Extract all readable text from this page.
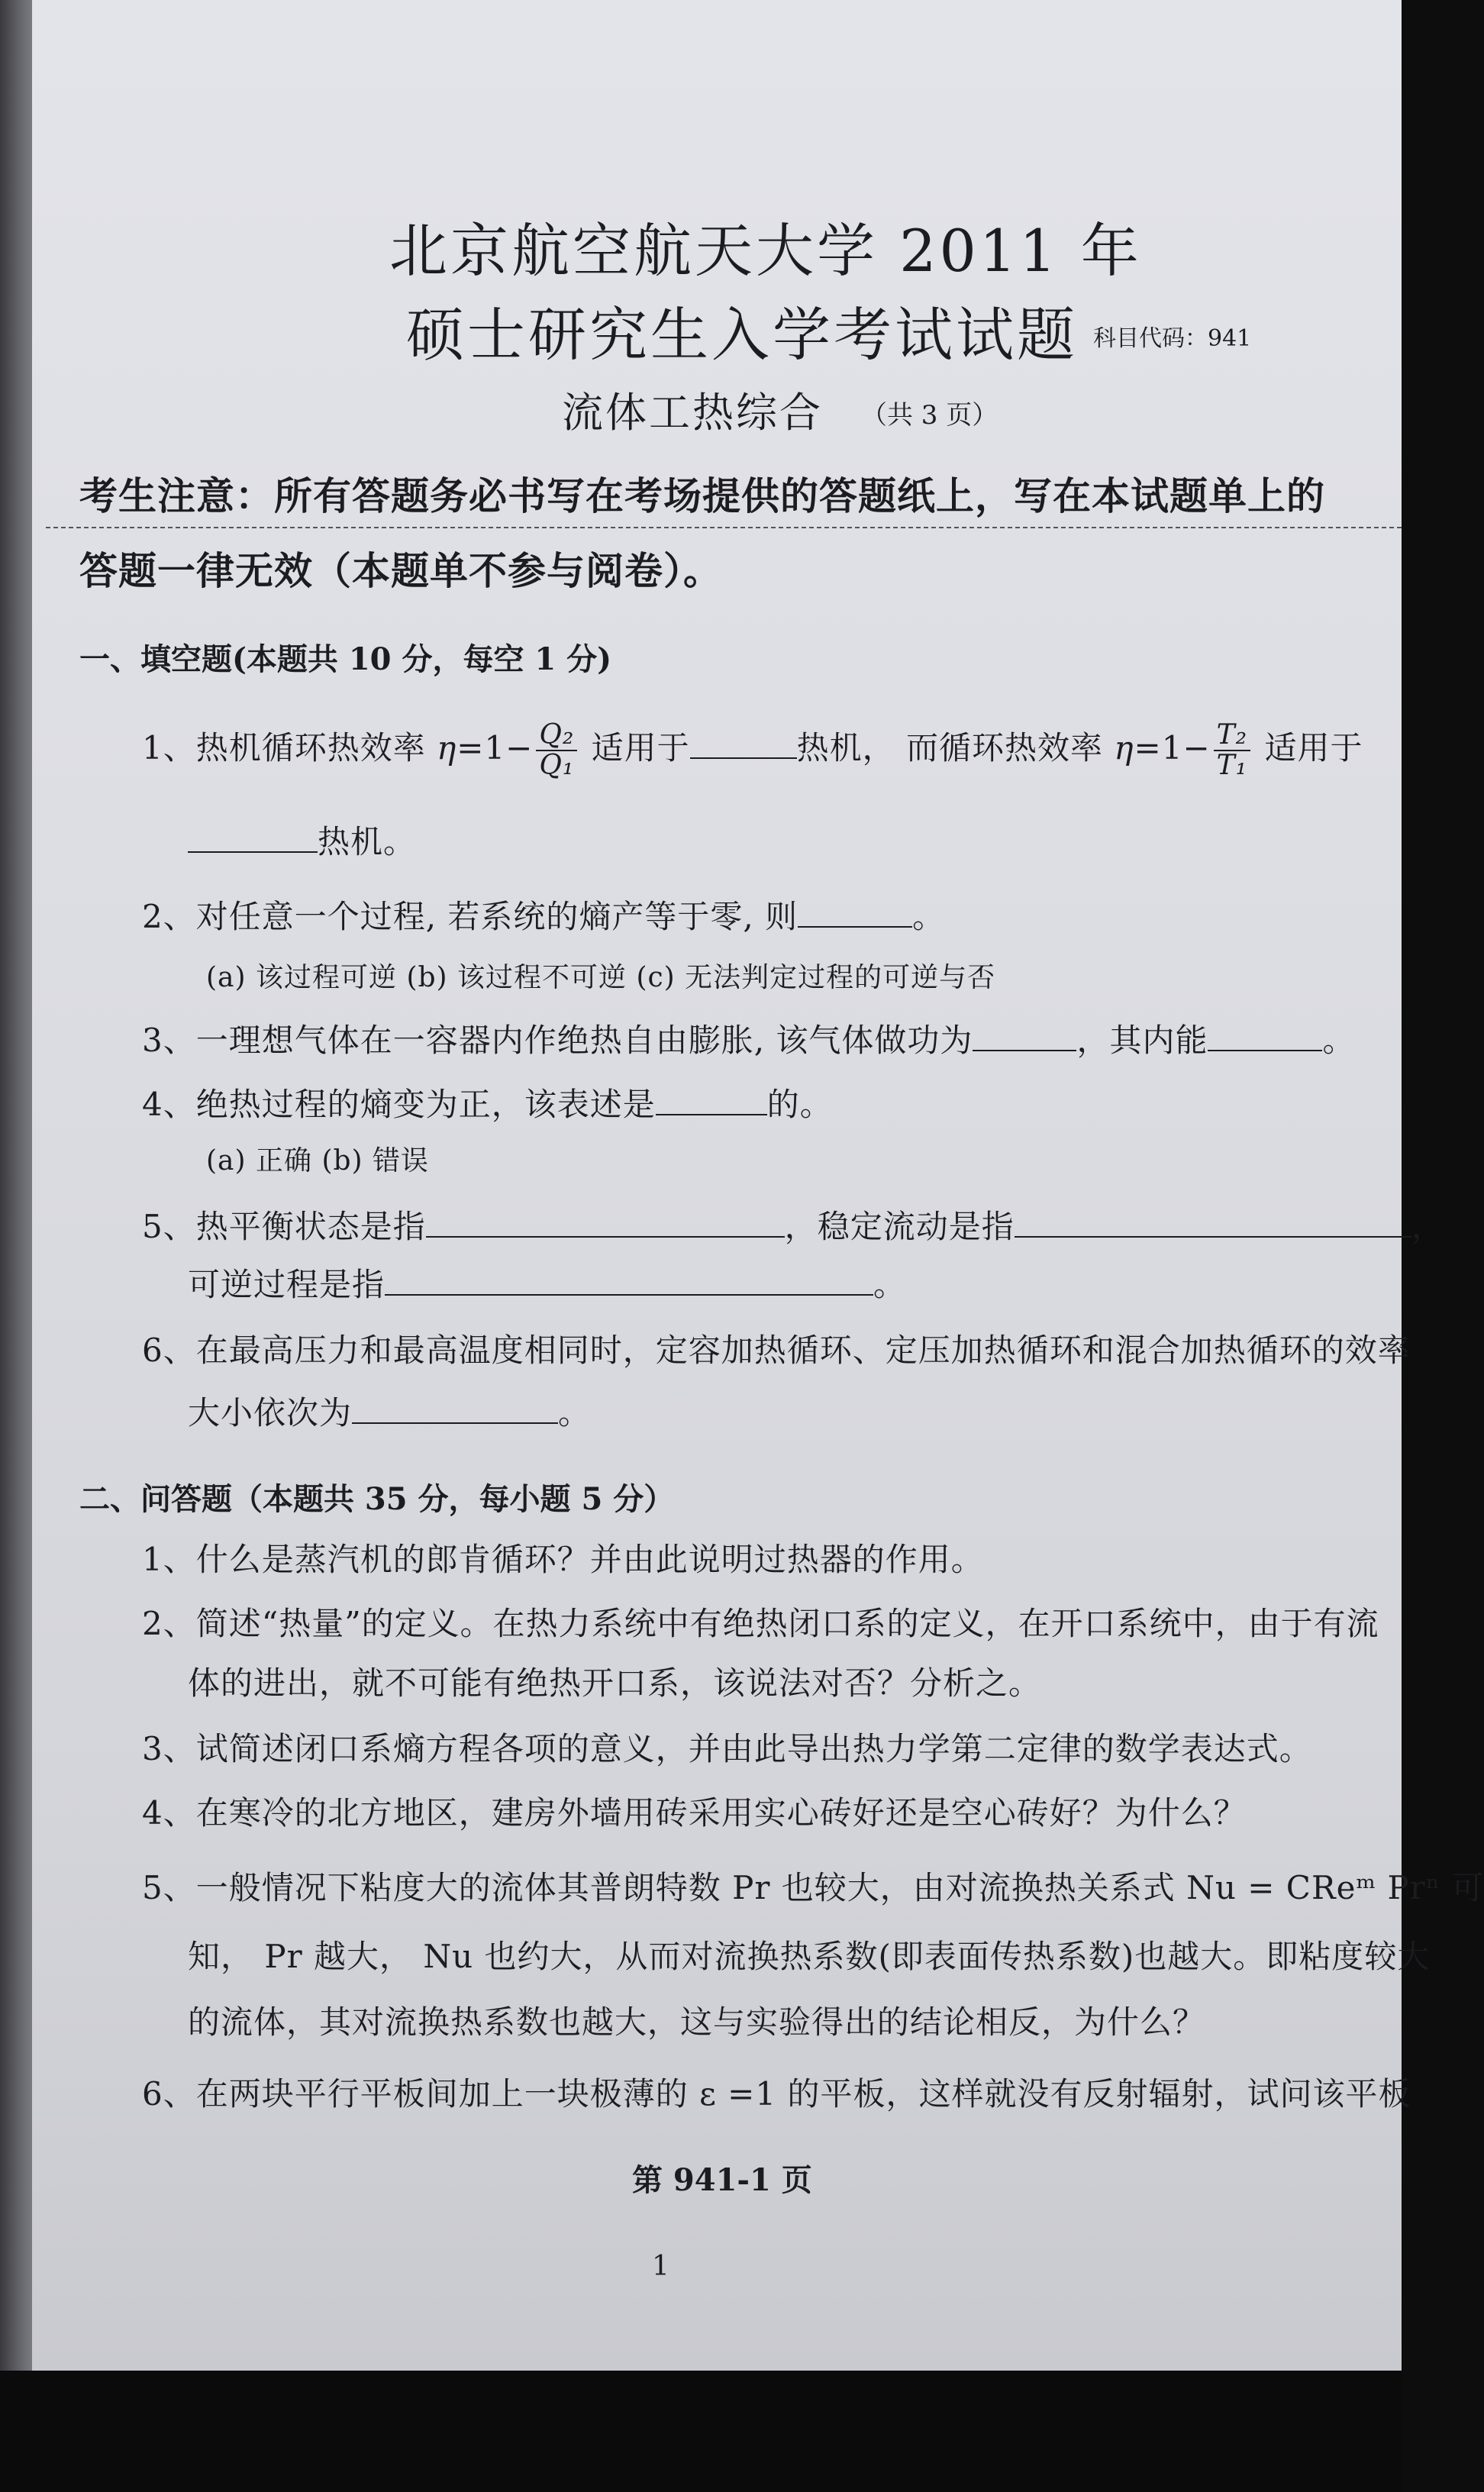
北京航空航天大学 2011 年
硕士研究生入学考试试题 科目代码：941
流体工热综合 （共 3 页）
考生注意：所有答题务必书写在考场提供的答题纸上，写在本试题单上的
答题一律无效（本题单不参与阅卷）。
一、填空题(本题共 10 分，每空 1 分)
1、热机循环热效率 $\eta=1- \frac{\text{Q₂}}{\text{Q₁}}$ 适用于	热机， 而循环热效率 $\eta=1- \frac{\text{T₂}}{\text{T₁}}$ 适用于
热机。
2、对任意一个过程, 若系统的熵产等于零, 则	。
(a) 该过程可逆 (b) 该过程不可逆 (c) 无法判定过程的可逆与否
3、一理想气体在一容器内作绝热自由膨胀, 该气体做功为	，其内能	。
4、绝热过程的熵变为正，该表述是	的。
(a) 正确 (b) 错误
5、热平衡状态是指	，稳定流动是指	，
可逆过程是指	。
6、在最高压力和最高温度相同时，定容加热循环、定压加热循环和混合加热循环的效率
大小依次为	。
二、问答题（本题共 35 分，每小题 5 分）
1、什么是蒸汽机的郎肯循环？并由此说明过热器的作用。
2、简述“热量”的定义。在热力系统中有绝热闭口系的定义，在开口系统中，由于有流
体的进出，就不可能有绝热开口系，该说法对否？分析之。
3、试简述闭口系熵方程各项的意义，并由此导出热力学第二定律的数学表达式。
4、在寒冷的北方地区，建房外墙用砖采用实心砖好还是空心砖好？为什么？
5、一般情况下粘度大的流体其普朗特数 Pr 也较大，由对流换热关系式 Nu = CReᵐ Prⁿ 可
知， Pr 越大， Nu 也约大，从而对流换热系数(即表面传热系数)也越大。即粘度较大
的流体，其对流换热系数也越大，这与实验得出的结论相反，为什么？
6、在两块平行平板间加上一块极薄的 ε =1 的平板，这样就没有反射辐射，试问该平板
第 941-1 页
1
